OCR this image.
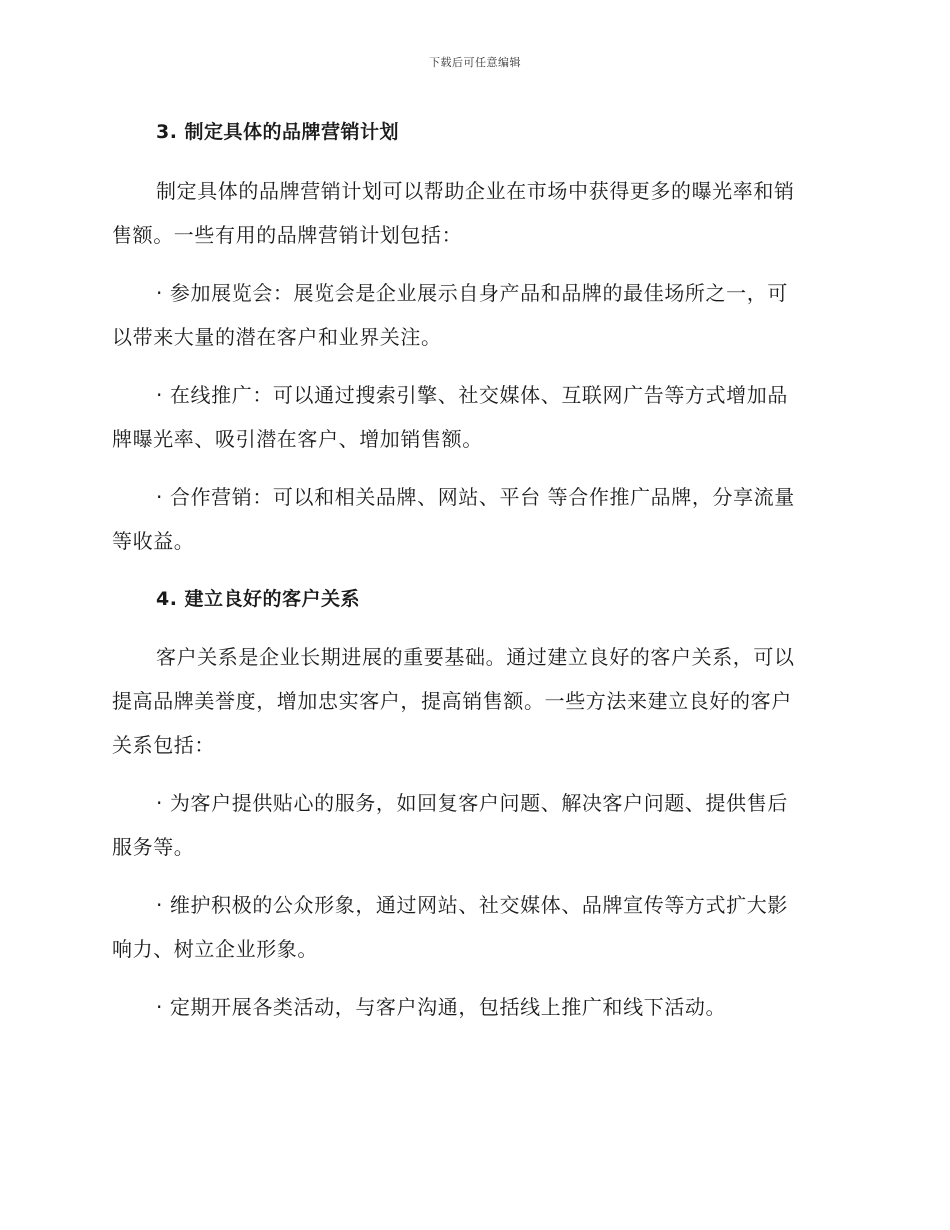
下载后可任意编辑
3. 制定具体的品牌营销计划
制定具体的品牌营销计划可以帮助企业在市场中获得更多的曝光率和销
售额。一些有用的品牌营销计划包括：
· 参加展览会：展览会是企业展示自身产品和品牌的最佳场所之一，可
以带来大量的潜在客户和业界关注。
· 在线推广：可以通过搜索引擎、社交媒体、互联网广告等方式增加品
牌曝光率、吸引潜在客户、增加销售额。
· 合作营销：可以和相关品牌、网站、平台 等合作推广品牌，分享流量
等收益。
4. 建立良好的客户关系
客户关系是企业长期进展的重要基础。通过建立良好的客户关系，可以
提高品牌美誉度，增加忠实客户，提高销售额。一些方法来建立良好的客户
关系包括：
· 为客户提供贴心的服务，如回复客户问题、解决客户问题、提供售后
服务等。
· 维护积极的公众形象，通过网站、社交媒体、品牌宣传等方式扩大影
响力、树立企业形象。
· 定期开展各类活动，与客户沟通，包括线上推广和线下活动。
